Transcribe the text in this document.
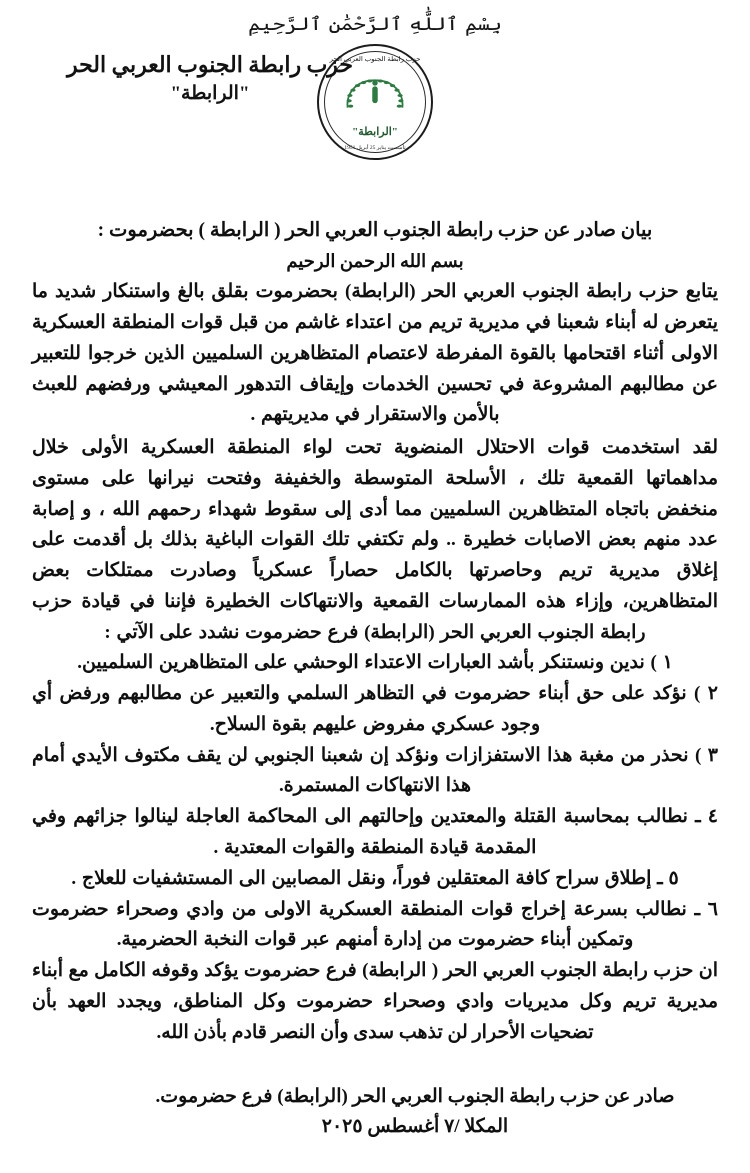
بِسْمِ ٱللَّٰهِ ٱلرَّحْمَٰنِ ٱلرَّحِيمِ
حزب رابطة الجنوب العربي الحر
"الرابطة"
تأسست يناير 25 أبريل 1951
حزب رابطة الجنوب العربي الحر
"الرابطة"

بيان صادر عن حزب رابطة الجنوب العربي الحر ( الرابطة ) بحضرموت :

بسم الله الرحمن الرحيم

يتابع حزب رابطة الجنوب العربي الحر (الرابطة) بحضرموت بقلق بالغ واستنكار شديد ما يتعرض له أبناء شعبنا في مديرية تريم من اعتداء غاشم من قبل قوات المنطقة العسكرية الاولى أثناء اقتحامها بالقوة المفرطة لاعتصام المتظاهرين السلميين الذين خرجوا للتعبير عن مطالبهم المشروعة في تحسين الخدمات وإيقاف التدهور المعيشي ورفضهم للعبث بالأمن والاستقرار في مديريتهم .

لقد استخدمت قوات الاحتلال المنضوية تحت لواء المنطقة العسكرية الأولى خلال مداهماتها القمعية تلك ، الأسلحة المتوسطة والخفيفة وفتحت نيرانها على مستوى منخفض باتجاه المتظاهرين السلميين مما أدى إلى سقوط شهداء رحمهم الله ، و إصابة عدد منهم بعض الاصابات خطيرة .. ولم تكتفي تلك القوات الباغية بذلك بل أقدمت على إغلاق مديرية تريم وحاصرتها بالكامل حصاراً عسكرياً وصادرت ممتلكات بعض المتظاهرين، وإزاء هذه الممارسات القمعية والانتهاكات الخطيرة فإننا في قيادة حزب رابطة الجنوب العربي الحر (الرابطة) فرع حضرموت نشدد على الآتي :

١ ) ندين ونستنكر بأشد العبارات الاعتداء الوحشي على المتظاهرين السلميين.
٢ ) نؤكد على حق أبناء حضرموت في التظاهر السلمي والتعبير عن مطالبهم ورفض أي وجود عسكري مفروض عليهم بقوة السلاح.
٣ ) نحذر من مغبة هذا الاستفزازات ونؤكد إن شعبنا الجنوبي لن يقف مكتوف الأيدي أمام هذا الانتهاكات المستمرة.
٤ ـ نطالب بمحاسبة القتلة والمعتدين وإحالتهم الى المحاكمة العاجلة لينالوا جزائهم وفي المقدمة قيادة المنطقة والقوات المعتدية .
٥ ـ إطلاق سراح كافة المعتقلين فوراً، ونقل المصابين الى المستشفيات للعلاج .
٦ ـ نطالب بسرعة إخراج قوات المنطقة العسكرية الاولى من وادي وصحراء حضرموت وتمكين أبناء حضرموت من إدارة أمنهم عبر قوات النخبة الحضرمية.

ان حزب رابطة الجنوب العربي الحر ( الرابطة) فرع حضرموت يؤكد وقوفه الكامل مع أبناء مديرية تريم وكل مديريات وادي وصحراء حضرموت وكل المناطق، ويجدد العهد بأن تضحيات الأحرار لن تذهب سدى وأن النصر قادم بأذن الله.

صادر عن حزب رابطة الجنوب العربي الحر (الرابطة) فرع حضرموت.
المكلا /٧ أغسطس ٢٠٢٥
